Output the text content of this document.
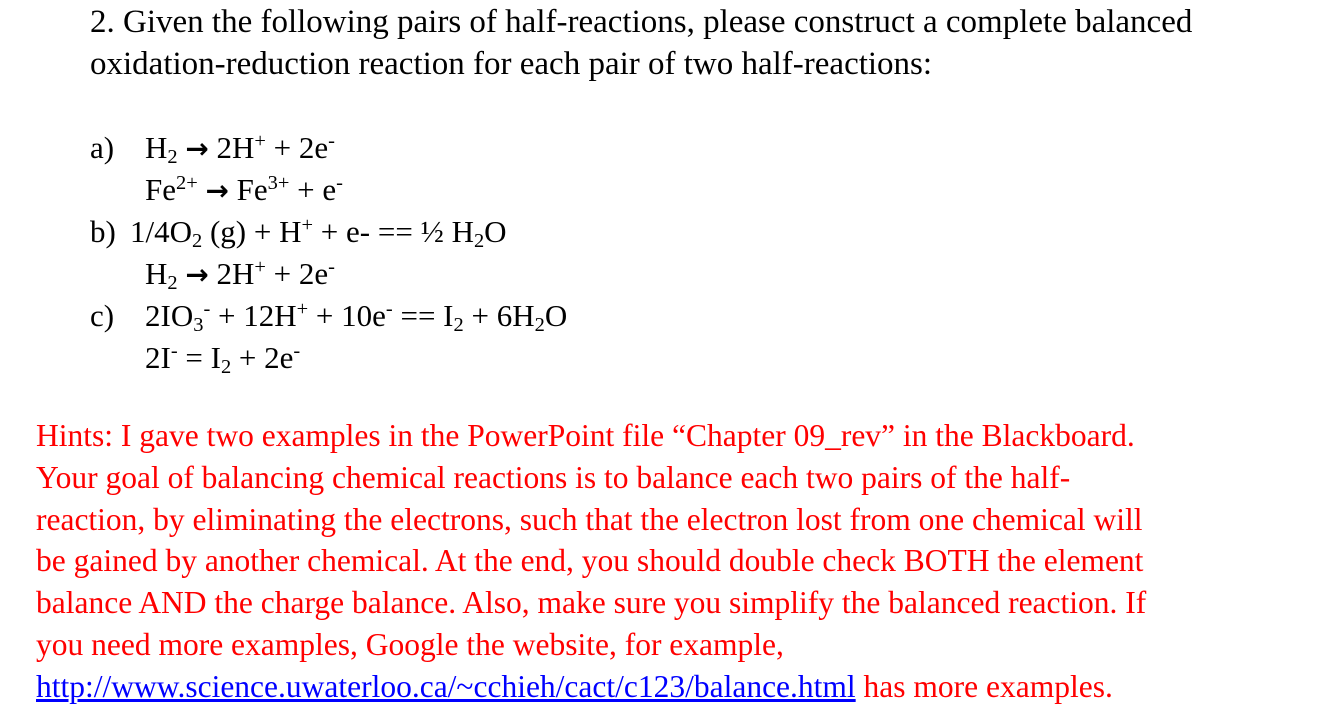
2. Given the following pairs of half-reactions, please construct a complete balanced
oxidation-reduction reaction for each pair of two half-reactions:
a) $H_2 \to 2H^+ + 2e^-$
$Fe^{2+} \to Fe^{3+} + e^-$
b) $1/4O_2$ (g) + H+ + e- == ½ $H_2O$
$H_2 \to 2H^+ + 2e^-$
c) $2IO_3^- + 12H^+ + 10e^- == I_2 + 6H_2O$
$2I^- = I_2 + 2e^-$
Hints: I gave two examples in the PowerPoint file “Chapter 09_rev” in the Blackboard.
Your goal of balancing chemical reactions is to balance each two pairs of the half-
reaction, by eliminating the electrons, such that the electron lost from one chemical will
be gained by another chemical. At the end, you should double check BOTH the element
balance AND the charge balance. Also, make sure you simplify the balanced reaction. If
you need more examples, Google the website, for example,
http://www.science.uwaterloo.ca/~cchieh/cact/c123/balance.html has more examples.
